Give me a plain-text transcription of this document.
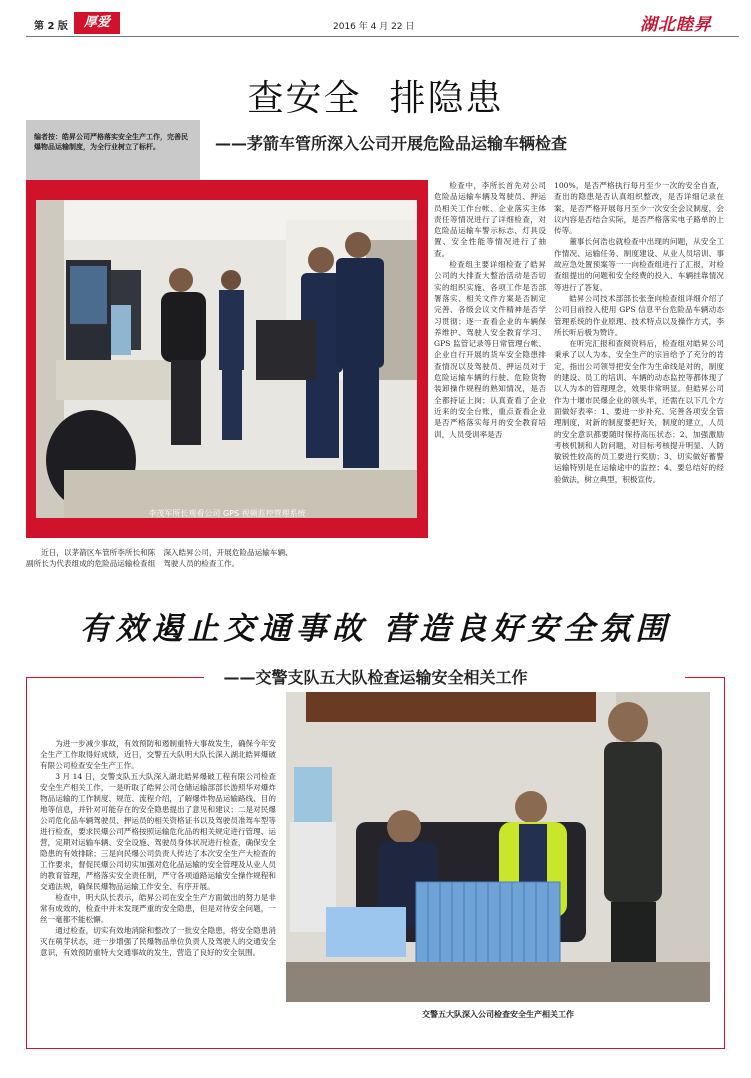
第 2 版	厚爱	2016 年 4 月 22 日	湖北睦昇
查安全 排隐患
编者按：皓昇公司严格落实安全生产工作，完善民爆物品运输制度，为全行业树立了标杆。	——茅箭车管所深入公司开展危险品运输车辆检查
李茂军所长观看公司 GPS 视频监控管理系统

检查中，李所长首先对公司危险品运输车辆及驾驶员、押运员相关工作台帐、企业落实主体责任等情况进行了详细检查，对危险品运输车警示标志、灯具设置、安全性能等情况进行了抽查。

检查组主要详细检查了皓昇公司的大排查大整治活动是否切实的组织实施、各项工作是否部署落实、相关文件方案是否制定完善、各级会议文件精神是否学习贯彻；逐一查看企业的车辆保养维护、驾驶人安全教育学习、GPS 监管记录等日常管理台帐、企业自行开展的货车安全隐患排查情况以及驾驶员、押运员对于危险运输车辆的行驶、危险货物装卸操作规程的熟知情况，是否全都持证上岗；认真查看了企业近来的安全台账，重点查看企业是否严格落实每月的安全教育培训，人员受训率是否

100%，是否严格执行每月至少一次的安全自查，查出的隐患是否认真组织整改，是否详细记录在案，是否严格开展每月至少一次安全会议制度，会议内容是否结合实际，是否严格落实电子路单的上传等。

董事长何浩也就检查中出现的问题，从安全工作情况、运输任务、制度建设、从业人员培训、事故应急处置预案等一一向检查组进行了汇报，对检查组提出的问题和安全经费的投入、车辆挂靠情况等进行了答复。

皓昇公司技术部部长张奎向检查组详细介绍了公司目前投入使用 GPS 信息平台危险品车辆动态管理系统的作业原理、技术特点以及操作方式，李所长听后极为赞许。

在听完汇报和查阅资料后，检查组对皓昇公司秉承了以人为本、安全生产的宗旨给予了充分的肯定，指出公司领导把安全作为生命线是对的，制度的建设、员工的培训、车辆的动态监控等都体现了以人为本的管理理念，效果非常明显。但皓昇公司作为十堰市民爆企业的领头羊，还需在以下几个方面做好表率：1、要进一步补充、完善各项安全管理制度，对新的制度要把好关，制度的建立，人员的安全意识都要随时保持高压状态；2、加强激励考核机制和人防问题，对目标考核提升明显、人防敏锐性较高的员工要进行奖励；3、切实做好蓄警运输特别是在运输途中的监控；4、要总结好的经验做法，树立典型，积极宣传。

近日，以茅箭区车管所李所长和陈副所长为代表组成的危险品运输检查组深入皓昇公司，开展危险品运输车辆、驾驶人员的检查工作。

有效遏止交通事故 营造良好安全氛围
——交警支队五大队检查运输安全相关工作

为进一步减少事故，有效预防和遏制重特大事故发生，确保今年安全生产工作取得好成绩，近日，交警五大队明大队长深入湖北皓昇爆破有限公司检查安全生产工作。

3 月 14 日，交警支队五大队深入湖北皓昇爆破工程有限公司检查安全生产相关工作，一是听取了皓昇公司仓储运输部部长游照华对爆炸物品运输的工作制度、规范、流程介绍，了解爆炸物品运输路线、目的地等信息，并针对可能存在的安全隐患提出了意见和建议；二是对民爆公司危化品车辆驾驶员、押运员的相关资格证书以及驾驶员准驾车型等进行检查，要求民爆公司严格按照运输危化品的相关规定进行管理、运营，定期对运输车辆、安全设施、驾驶员身体状况进行检查，确保安全隐患的有效排除；三是向民爆公司负责人传达了本次安全生产大检查的工作要求，督促民爆公司切实加强对危化品运输的安全管理及从业人员的教育管理，严格落实安全责任制，严守各项道路运输安全操作规程和交通法规，确保民爆物品运输工作安全、有序开展。

检查中，明大队长表示，皓昇公司在安全生产方面做出的努力是非常有成效的，检查中并未发现严重的安全隐患，但是对待安全问题，一丝一毫都不能松懈。

通过检查，切实有效地消除和整改了一批安全隐患，将安全隐患消灭在萌芽状态，进一步增强了民爆物品单位负责人及驾驶人的交通安全意识，有效预防重特大交通事故的发生，营造了良好的安全氛围。

交警五大队深入公司检查安全生产相关工作
